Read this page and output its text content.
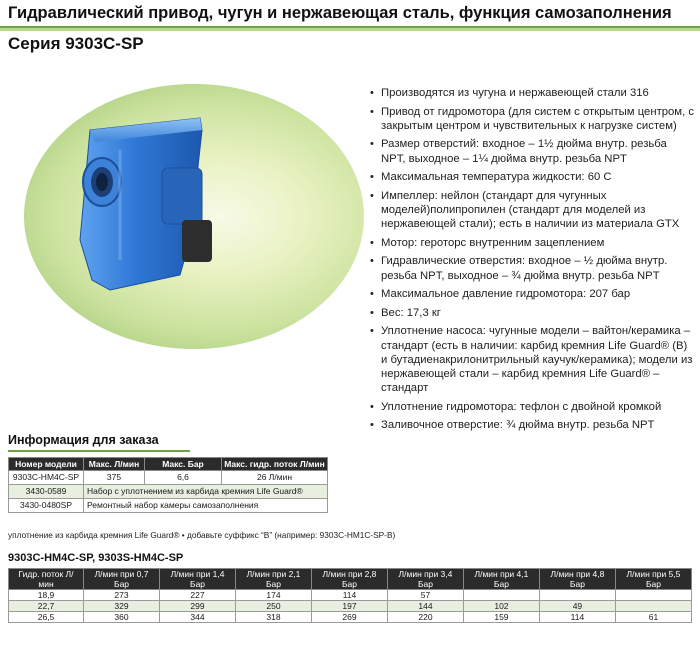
Гидравлический привод, чугун и нержавеющая сталь, функция самозаполнения
Серия 9303C-SP
• Производятся из чугуна и нержавеющей стали 316
• Привод от гидромотора (для систем с открытым центром, с закрытым центром и чувствительных к нагрузке систем)
• Размер отверстий: входное – 1½ дюйма внутр. резьба NPT, выходное – 1¼ дюйма внутр. резьба NPT
• Максимальная температура жидкости: 60 С
• Импеллер: нейлон (стандарт для чугунных моделей)полипропилен (стандарт для моделей из нержавеющей стали); есть в наличии из материала GTX
• Мотор: героторс внутренним зацеплением
• Гидравлические отверстия: входное – ½ дюйма внутр. резьба NPT, выходное – ¾ дюйма внутр. резьба NPT
• Максимальное давление гидромотора: 207 бар
• Вес: 17,3 кг
• Уплотнение насоса: чугунные модели – вайтон/керамика – стандарт (есть в наличии: карбид кремния Life Guard® (B) и бутадиенакрилонитрильный каучук/керамика); модели из нержавеющей стали – карбид кремния Life Guard® – стандарт
• Уплотнение гидромотора: тефлон с двойной кромкой
• Заливочное отверстие: ¾ дюйма внутр. резьба NPT
Информация для заказа
Номер модели	Макс. Л/мин	Макс. Бар	Макс. гидр. поток Л/мин
9303C-HM4C-SP	375	6,6	26 Л/мин
3430-0589	Набор с уплотнением из карбида кремния Life Guard®		
3430-0480SP	Ремонтный набор камеры самозаполнения		
уплотнение из карбида кремния Life Guard® • добавьте суффикс “B” (например: 9303C-HM1C-SP-B)
9303C-HM4C-SP, 9303S-HM4C-SP
Гидр. поток Л/мин	Л/мин при 0,7 Бар	Л/мин при 1,4 Бар	Л/мин при 2,1 Бар	Л/мин при 2,8 Бар	Л/мин при 3,4 Бар	Л/мин при 4,1 Бар	Л/мин при 4,8 Бар	Л/мин при 5,5 Бар
18,9	273	227	174	114	57			
22,7	329	299	250	197	144	102	49	
26,5	360	344	318	269	220	159	114	61
